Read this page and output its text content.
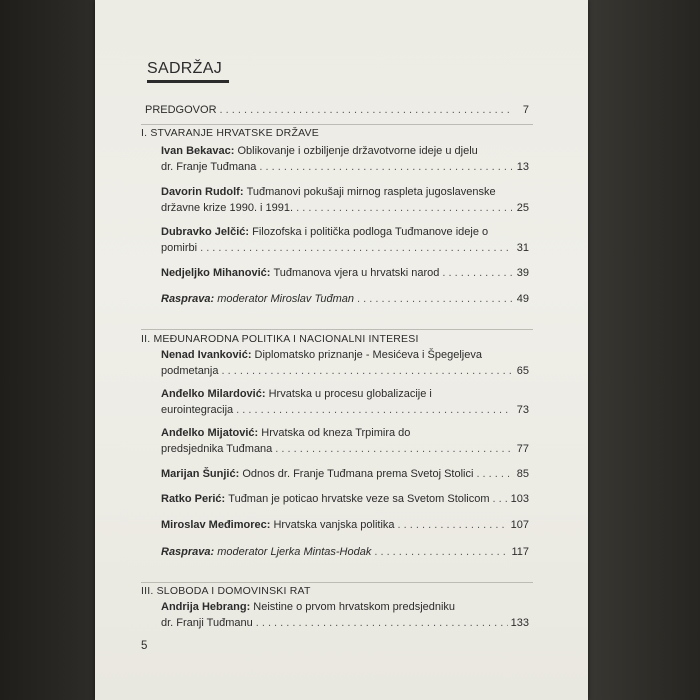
SADRŽAJ
PREDGOVOR . . .	7
I. STVARANJE HRVATSKE DRŽAVE
Ivan Bekavac:
Oblikovanje i ozbiljenje državotvorne ideje u djelu
dr. Franje Tuđmana . . .	13
Davorin Rudolf:
Tuđmanovi pokušaji mirnog raspleta jugoslavenske
državne krize 1990. i 1991. . . .	25
Dubravko Jelčić:
Filozofska i politička podloga Tuđmanove ideje o
pomirbi . . .	31
Nedjeljko Mihanović:
Tuđmanova vjera u hrvatski narod . . .	39
Rasprava:
moderator Miroslav Tuđman . . .	49
II. MEĐUNARODNA POLITIKA I NACIONALNI INTERESI
Nenad Ivanković:
Diplomatsko priznanje - Mesićeva i Špegeljeva
podmetanja . . .	65
Anđelko Milardović:
Hrvatska u procesu globalizacije i
eurointegracija . . .	73
Anđelko Mijatović:
Hrvatska od kneza Trpimira do
predsjednika Tuđmana . . .	77
Marijan Šunjić:
Odnos dr. Franje Tuđmana prema Svetoj Stolici . . .	85
Ratko Perić:
Tuđman je poticao hrvatske veze sa Svetom Stolicom . . . 103
Miroslav Međimorec:
Hrvatska vanjska politika . . .	107
Rasprava:
moderator Ljerka Mintas-Hodak . . .	117
III. SLOBODA I DOMOVINSKI RAT
Andrija Hebrang:
Neistine o prvom hrvatskom predsjedniku
dr. Franji Tuđmanu . . .	133
5
